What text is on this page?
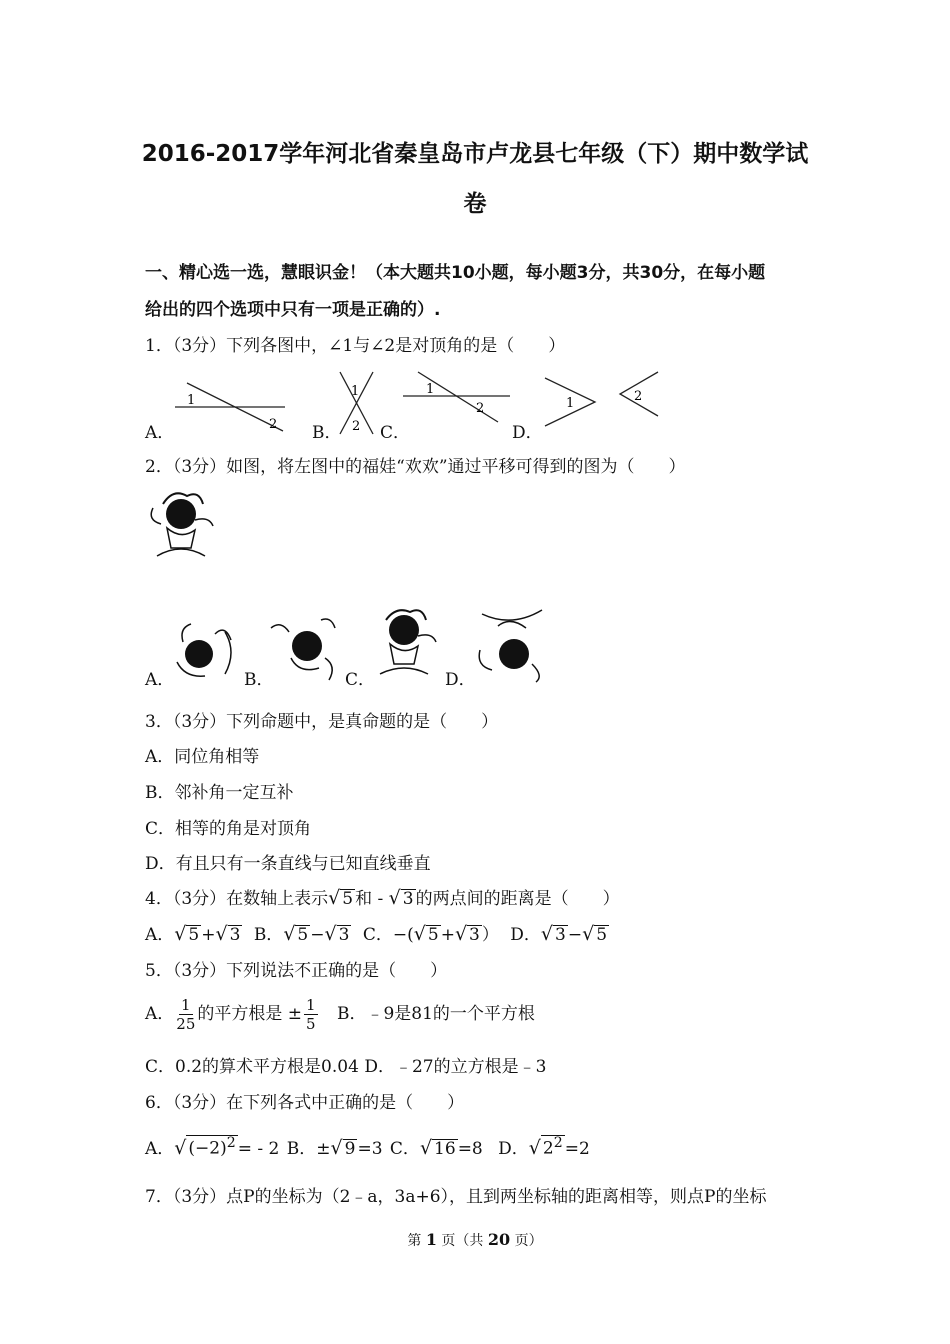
2016-2017学年河北省秦皇岛市卢龙县七年级（下）期中数学试
卷
一、精心选一选，慧眼识金！（本大题共10小题，每小题3分，共30分，在每小题
给出的四个选项中只有一项是正确的）.
1．（3分）下列各图中，∠1与∠2是对顶角的是（　　）
A．
1
2 B．
1
2 C．
1
2
D．
1	2
2．（3分）如图，将左图中的福娃“欢欢”通过平移可得到的图为（　　）
A．	B．	C．	D．
3．（3分）下列命题中，是真命题的是（　　）
A．同位角相等
B．邻补角一定互补
C．相等的角是对顶角
D．有且只有一条直线与已知直线垂直
4．（3分）在数轴上表示√ 5 和 - √ 3 的两点间的距离是（　　）
A．√ 5 +√ 3 B．√ 5 −√ 3 C．−(√ 5 +√ 3 ） D．√ 3 −√ 5
5．（3分）下列说法不正确的是（　　）
A． $\frac{1}{25}$ 的平方根是 ± $\frac{1}{5}$ B．﹣9是81的一个平方根
C．0.2的算术平方根是0.04 D．﹣27的立方根是﹣3
6．（3分）在下列各式中正确的是（　　）
A．√ $(-2)^2$ = - 2 B．±√ 9 =3 C．√ 16 =8 D．√ $2^2 =2$
7．（3分）点P的坐标为（2﹣a，3a+6），且到两坐标轴的距离相等，则点P的坐标
第 1 页（共 20 页）
